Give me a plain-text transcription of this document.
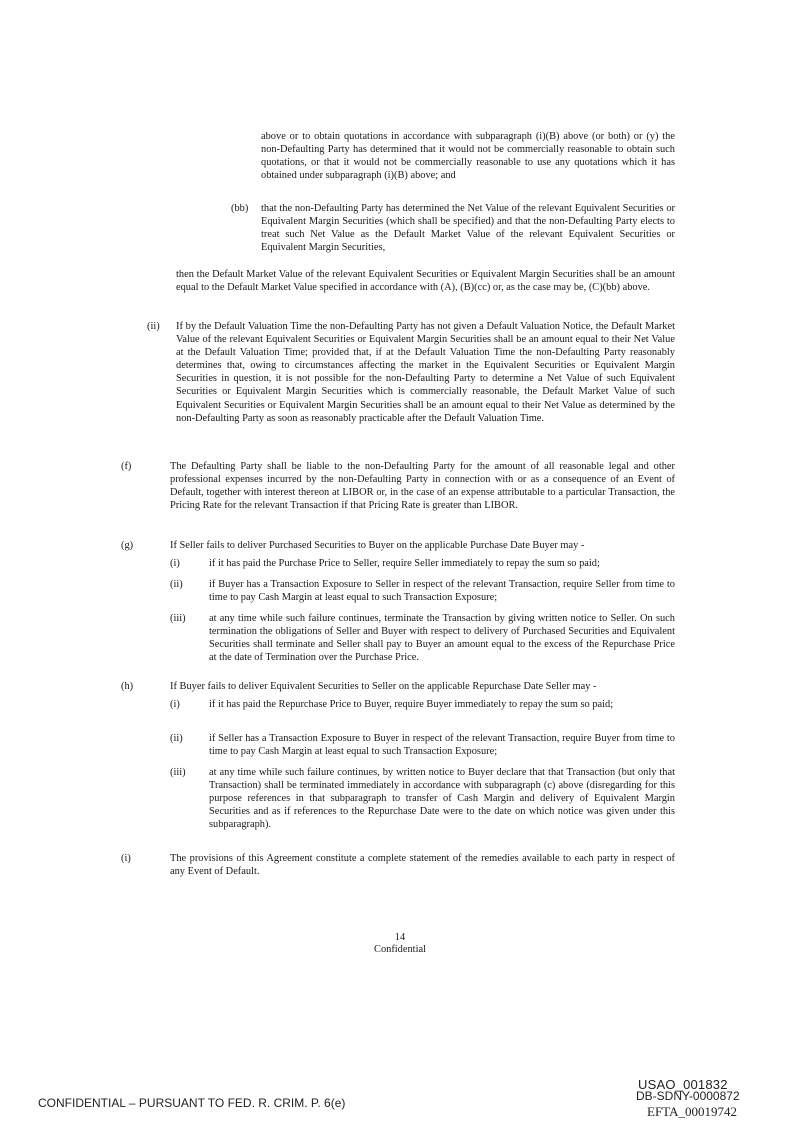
above or to obtain quotations in accordance with subparagraph (i)(B) above (or both) or (y) the non-Defaulting Party has determined that it would not be commercially reasonable to obtain such quotations, or that it would not be commercially reasonable to use any quotations which it has obtained under subparagraph (i)(B) above; and

(bb) that the non-Defaulting Party has determined the Net Value of the relevant Equivalent Securities or Equivalent Margin Securities (which shall be specified) and that the non-Defaulting Party elects to treat such Net Value as the Default Market Value of the relevant Equivalent Securities or Equivalent Margin Securities,

then the Default Market Value of the relevant Equivalent Securities or Equivalent Margin Securities shall be an amount equal to the Default Market Value specified in accordance with (A), (B)(cc) or, as the case may be, (C)(bb) above.

(ii) If by the Default Valuation Time the non-Defaulting Party has not given a Default Valuation Notice, the Default Market Value of the relevant Equivalent Securities or Equivalent Margin Securities shall be an amount equal to their Net Value at the Default Valuation Time; provided that, if at the Default Valuation Time the non-Defaulting Party reasonably determines that, owing to circumstances affecting the market in the Equivalent Securities or Equivalent Margin Securities in question, it is not possible for the non-Defaulting Party to determine a Net Value of such Equivalent Securities or Equivalent Margin Securities which is commercially reasonable, the Default Market Value of such Equivalent Securities or Equivalent Margin Securities shall be an amount equal to their Net Value as determined by the non-Defaulting Party as soon as reasonably practicable after the Default Valuation Time.

(f)	The Defaulting Party shall be liable to the non-Defaulting Party for the amount of all reasonable legal and other professional expenses incurred by the non-Defaulting Party in connection with or as a consequence of an Event of Default, together with interest thereon at LIBOR or, in the case of an expense attributable to a particular Transaction, the Pricing Rate for the relevant Transaction if that Pricing Rate is greater than LIBOR.

(g)	If Seller fails to deliver Purchased Securities to Buyer on the applicable Purchase Date Buyer may -

(i)	if it has paid the Purchase Price to Seller, require Seller immediately to repay the sum so paid;

(ii)	if Buyer has a Transaction Exposure to Seller in respect of the relevant Transaction, require Seller from time to time to pay Cash Margin at least equal to such Transaction Exposure;

(iii) at any time while such failure continues, terminate the Transaction by giving written notice to Seller. On such termination the obligations of Seller and Buyer with respect to delivery of Purchased Securities and Equivalent Securities shall terminate and Seller shall pay to Buyer an amount equal to the excess of the Repurchase Price at the date of Termination over the Purchase Price.

(h)	If Buyer fails to deliver Equivalent Securities to Seller on the applicable Repurchase Date Seller may -

(i)	if it has paid the Repurchase Price to Buyer, require Buyer immediately to repay the sum so paid;

(ii)	if Seller has a Transaction Exposure to Buyer in respect of the relevant Transaction, require Buyer from time to time to pay Cash Margin at least equal to such Transaction Exposure;

(iii) at any time while such failure continues, by written notice to Buyer declare that that Transaction (but only that Transaction) shall be terminated immediately in accordance with subparagraph (c) above (disregarding for this purpose references in that subparagraph to transfer of Cash Margin and delivery of Equivalent Margin Securities and as if references to the Repurchase Date were to the date on which notice was given under this subparagraph).

(i)	The provisions of this Agreement constitute a complete statement of the remedies available to each party in respect of any Event of Default.

14
Confidential
CONFIDENTIAL – PURSUANT TO FED. R. CRIM. P. 6(e)
USAO_001832
DB-SDNY-0000872
EFTA_00019742
